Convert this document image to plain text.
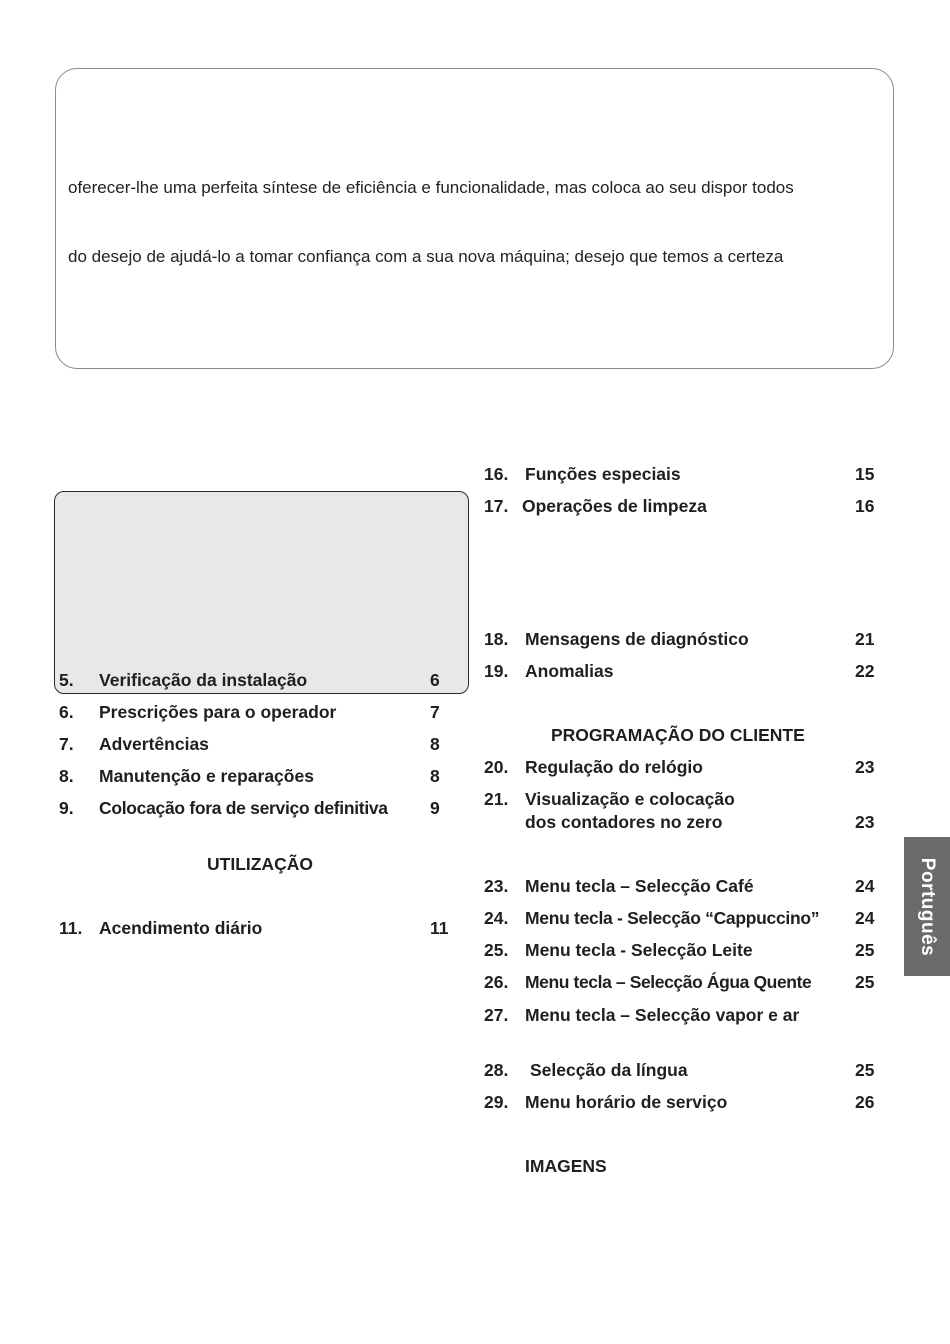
oferecer-lhe uma perfeita síntese de eficiência e funcionalidade, mas coloca ao seu dispor todos
do desejo de ajudá-lo a tomar confiança com a sua nova máquina; desejo que temos a certeza
5. Verificação da instalação	6
6. Prescrições para o operador	7
7. Advertências	8
8. Manutenção e reparações	8
9. Colocação fora de serviço definitiva 9
UTILIZAÇÃO
11. Acendimento diário	11
16. Funções especiais	15
17. Operações de limpeza	16
18. Mensagens de diagnóstico	21
19. Anomalias	22
PROGRAMAÇÃO DO CLIENTE
20. Regulação do relógio	23
21. Visualização e colocação
dos contadores no zero	23
23. Menu tecla – Selecção Café	24
24. Menu tecla - Selecção “Cappuccino” 24
25. Menu tecla - Selecção Leite	25
26. Menu tecla – Selecção Água Quente 25
27. Menu tecla – Selecção vapor e ar
28. Selecção da língua	25
29. Menu horário de serviço	26
IMAGENS
Português
